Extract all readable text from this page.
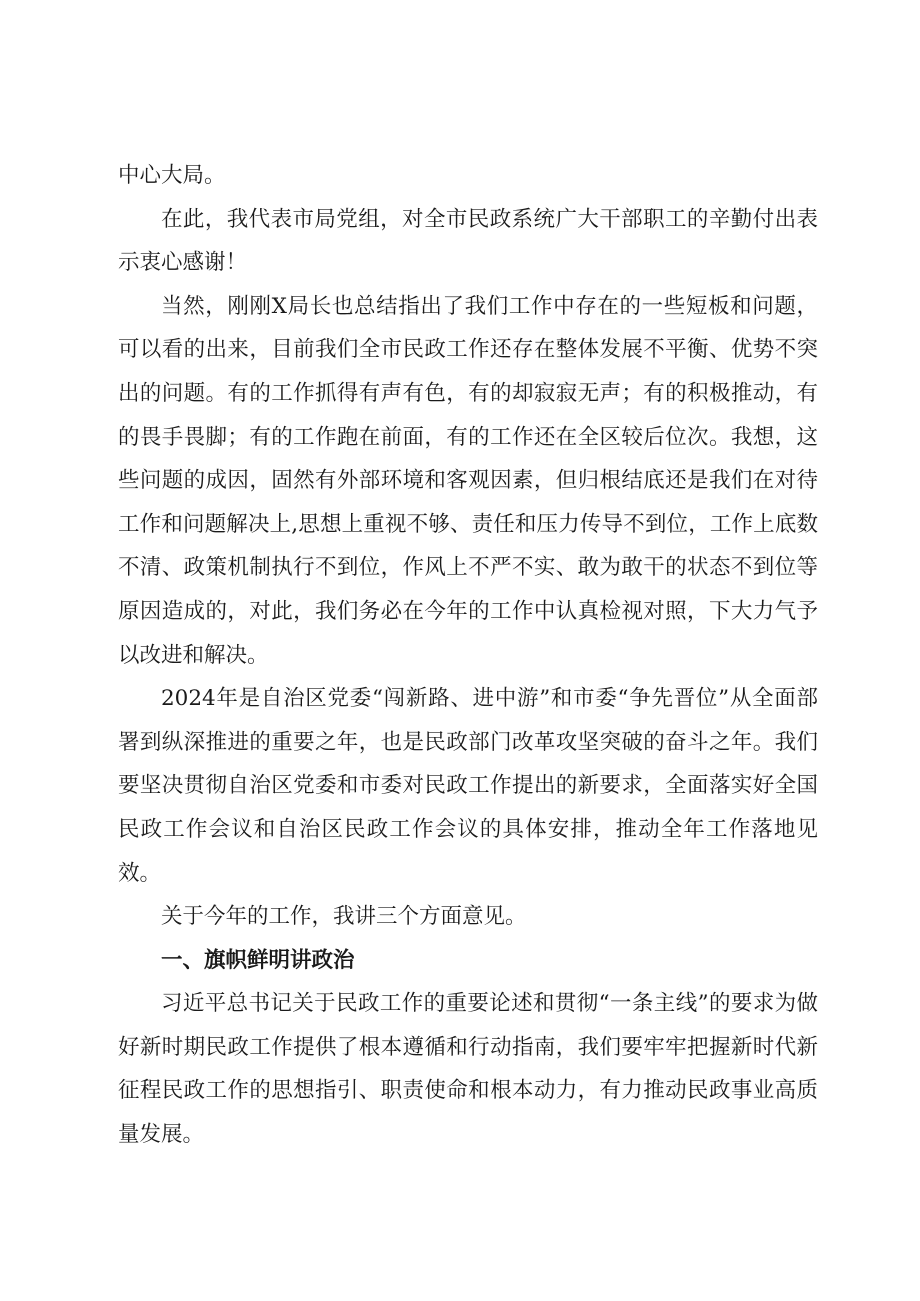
中心大局。

在此，我代表市局党组，对全市民政系统广大干部职工的辛勤付出表示衷心感谢！

当然，刚刚X局长也总结指出了我们工作中存在的一些短板和问题，可以看的出来，目前我们全市民政工作还存在整体发展不平衡、优势不突出的问题。有的工作抓得有声有色，有的却寂寂无声；有的积极推动，有的畏手畏脚；有的工作跑在前面，有的工作还在全区较后位次。我想，这些问题的成因，固然有外部环境和客观因素，但归根结底还是我们在对待工作和问题解决上,思想上重视不够、责任和压力传导不到位，工作上底数不清、政策机制执行不到位，作风上不严不实、敢为敢干的状态不到位等原因造成的，对此，我们务必在今年的工作中认真检视对照，下大力气予以改进和解决。

2024年是自治区党委“闯新路、进中游”和市委“争先晋位”从全面部署到纵深推进的重要之年，也是民政部门改革攻坚突破的奋斗之年。我们要坚决贯彻自治区党委和市委对民政工作提出的新要求，全面落实好全国民政工作会议和自治区民政工作会议的具体安排，推动全年工作落地见效。

关于今年的工作，我讲三个方面意见。

一、旗帜鲜明讲政治

习近平总书记关于民政工作的重要论述和贯彻“一条主线”的要求为做好新时期民政工作提供了根本遵循和行动指南，我们要牢牢把握新时代新征程民政工作的思想指引、职责使命和根本动力，有力推动民政事业高质量发展。
